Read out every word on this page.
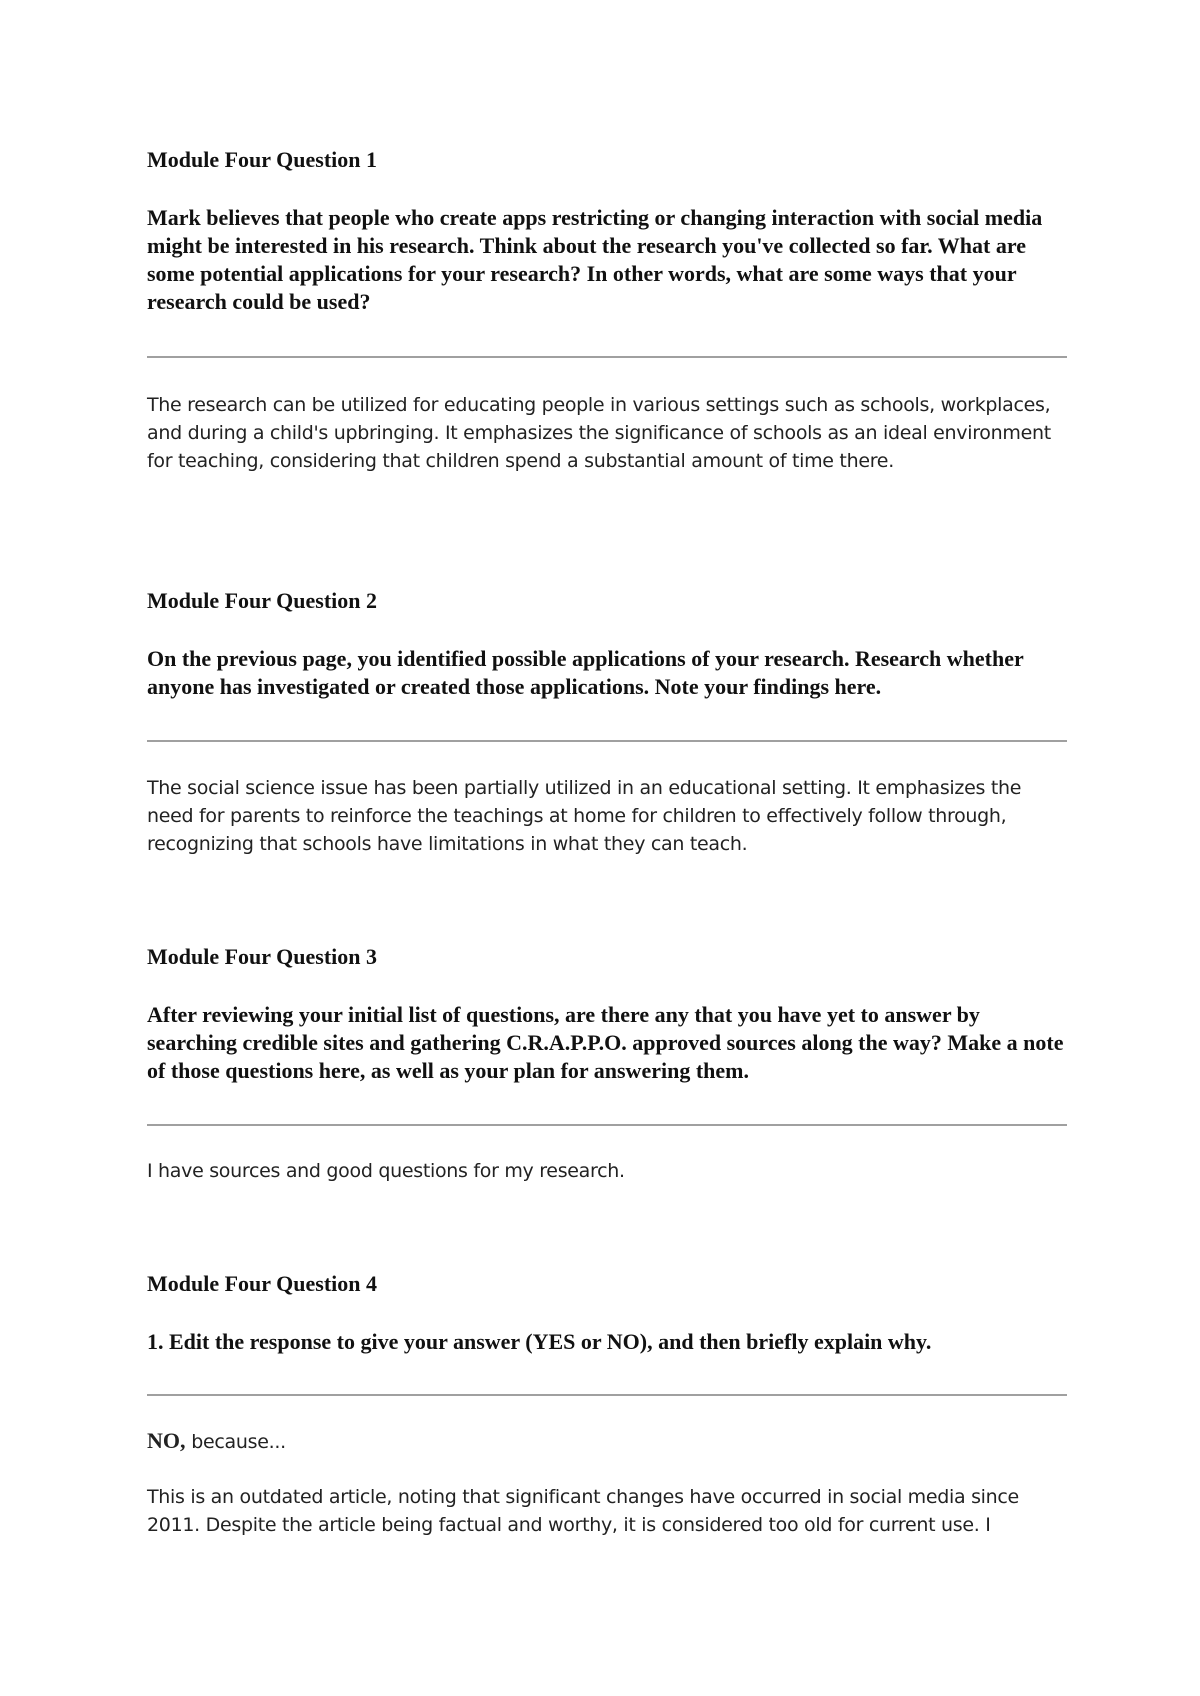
Module Four Question 1

Mark believes that people who create apps restricting or changing interaction with social media might be interested in his research. Think about the research you've collected so far. What are some potential applications for your research? In other words, what are some ways that your research could be used?

The research can be utilized for educating people in various settings such as schools, workplaces, and during a child's upbringing. It emphasizes the significance of schools as an ideal environment for teaching, considering that children spend a substantial amount of time there.

Module Four Question 2

On the previous page, you identified possible applications of your research. Research whether anyone has investigated or created those applications. Note your findings here.

The social science issue has been partially utilized in an educational setting. It emphasizes the need for parents to reinforce the teachings at home for children to effectively follow through, recognizing that schools have limitations in what they can teach.

Module Four Question 3

After reviewing your initial list of questions, are there any that you have yet to answer by searching credible sites and gathering C.R.A.P.P.O. approved sources along the way? Make a note of those questions here, as well as your plan for answering them.

I have sources and good questions for my research.

Module Four Question 4

1. Edit the response to give your answer (YES or NO), and then briefly explain why.

NO, because...

This is an outdated article, noting that significant changes have occurred in social media since 2011. Despite the article being factual and worthy, it is considered too old for current use. I
